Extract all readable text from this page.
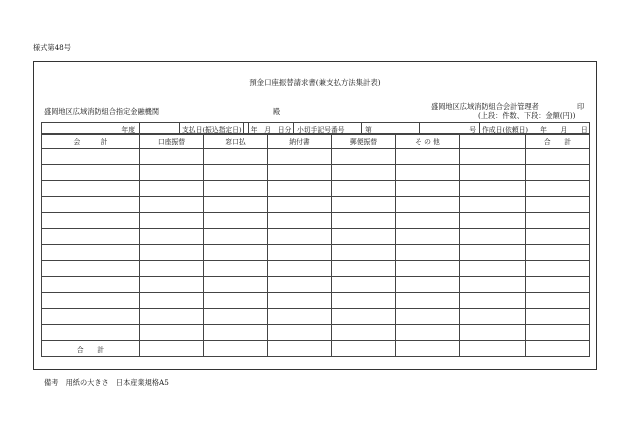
様式第48号
預金口座振替請求書(兼支払方法集計表)
盛岡地区広域消防組合指定金融機関	殿
盛岡地区広域消防組合会計管理者	印
(上段：件数、下段：金額(円))
年度		支払日(振込指定日)		年　月　日分	小切手記号番号	第	号	作成日(依頼日) 年　　月　　日
会　　　計	口座振替	窓口払	納付書	郵便振替	そ の 他		合　　計

合　　計							
備考　用紙の大きさ　日本産業規格A5
